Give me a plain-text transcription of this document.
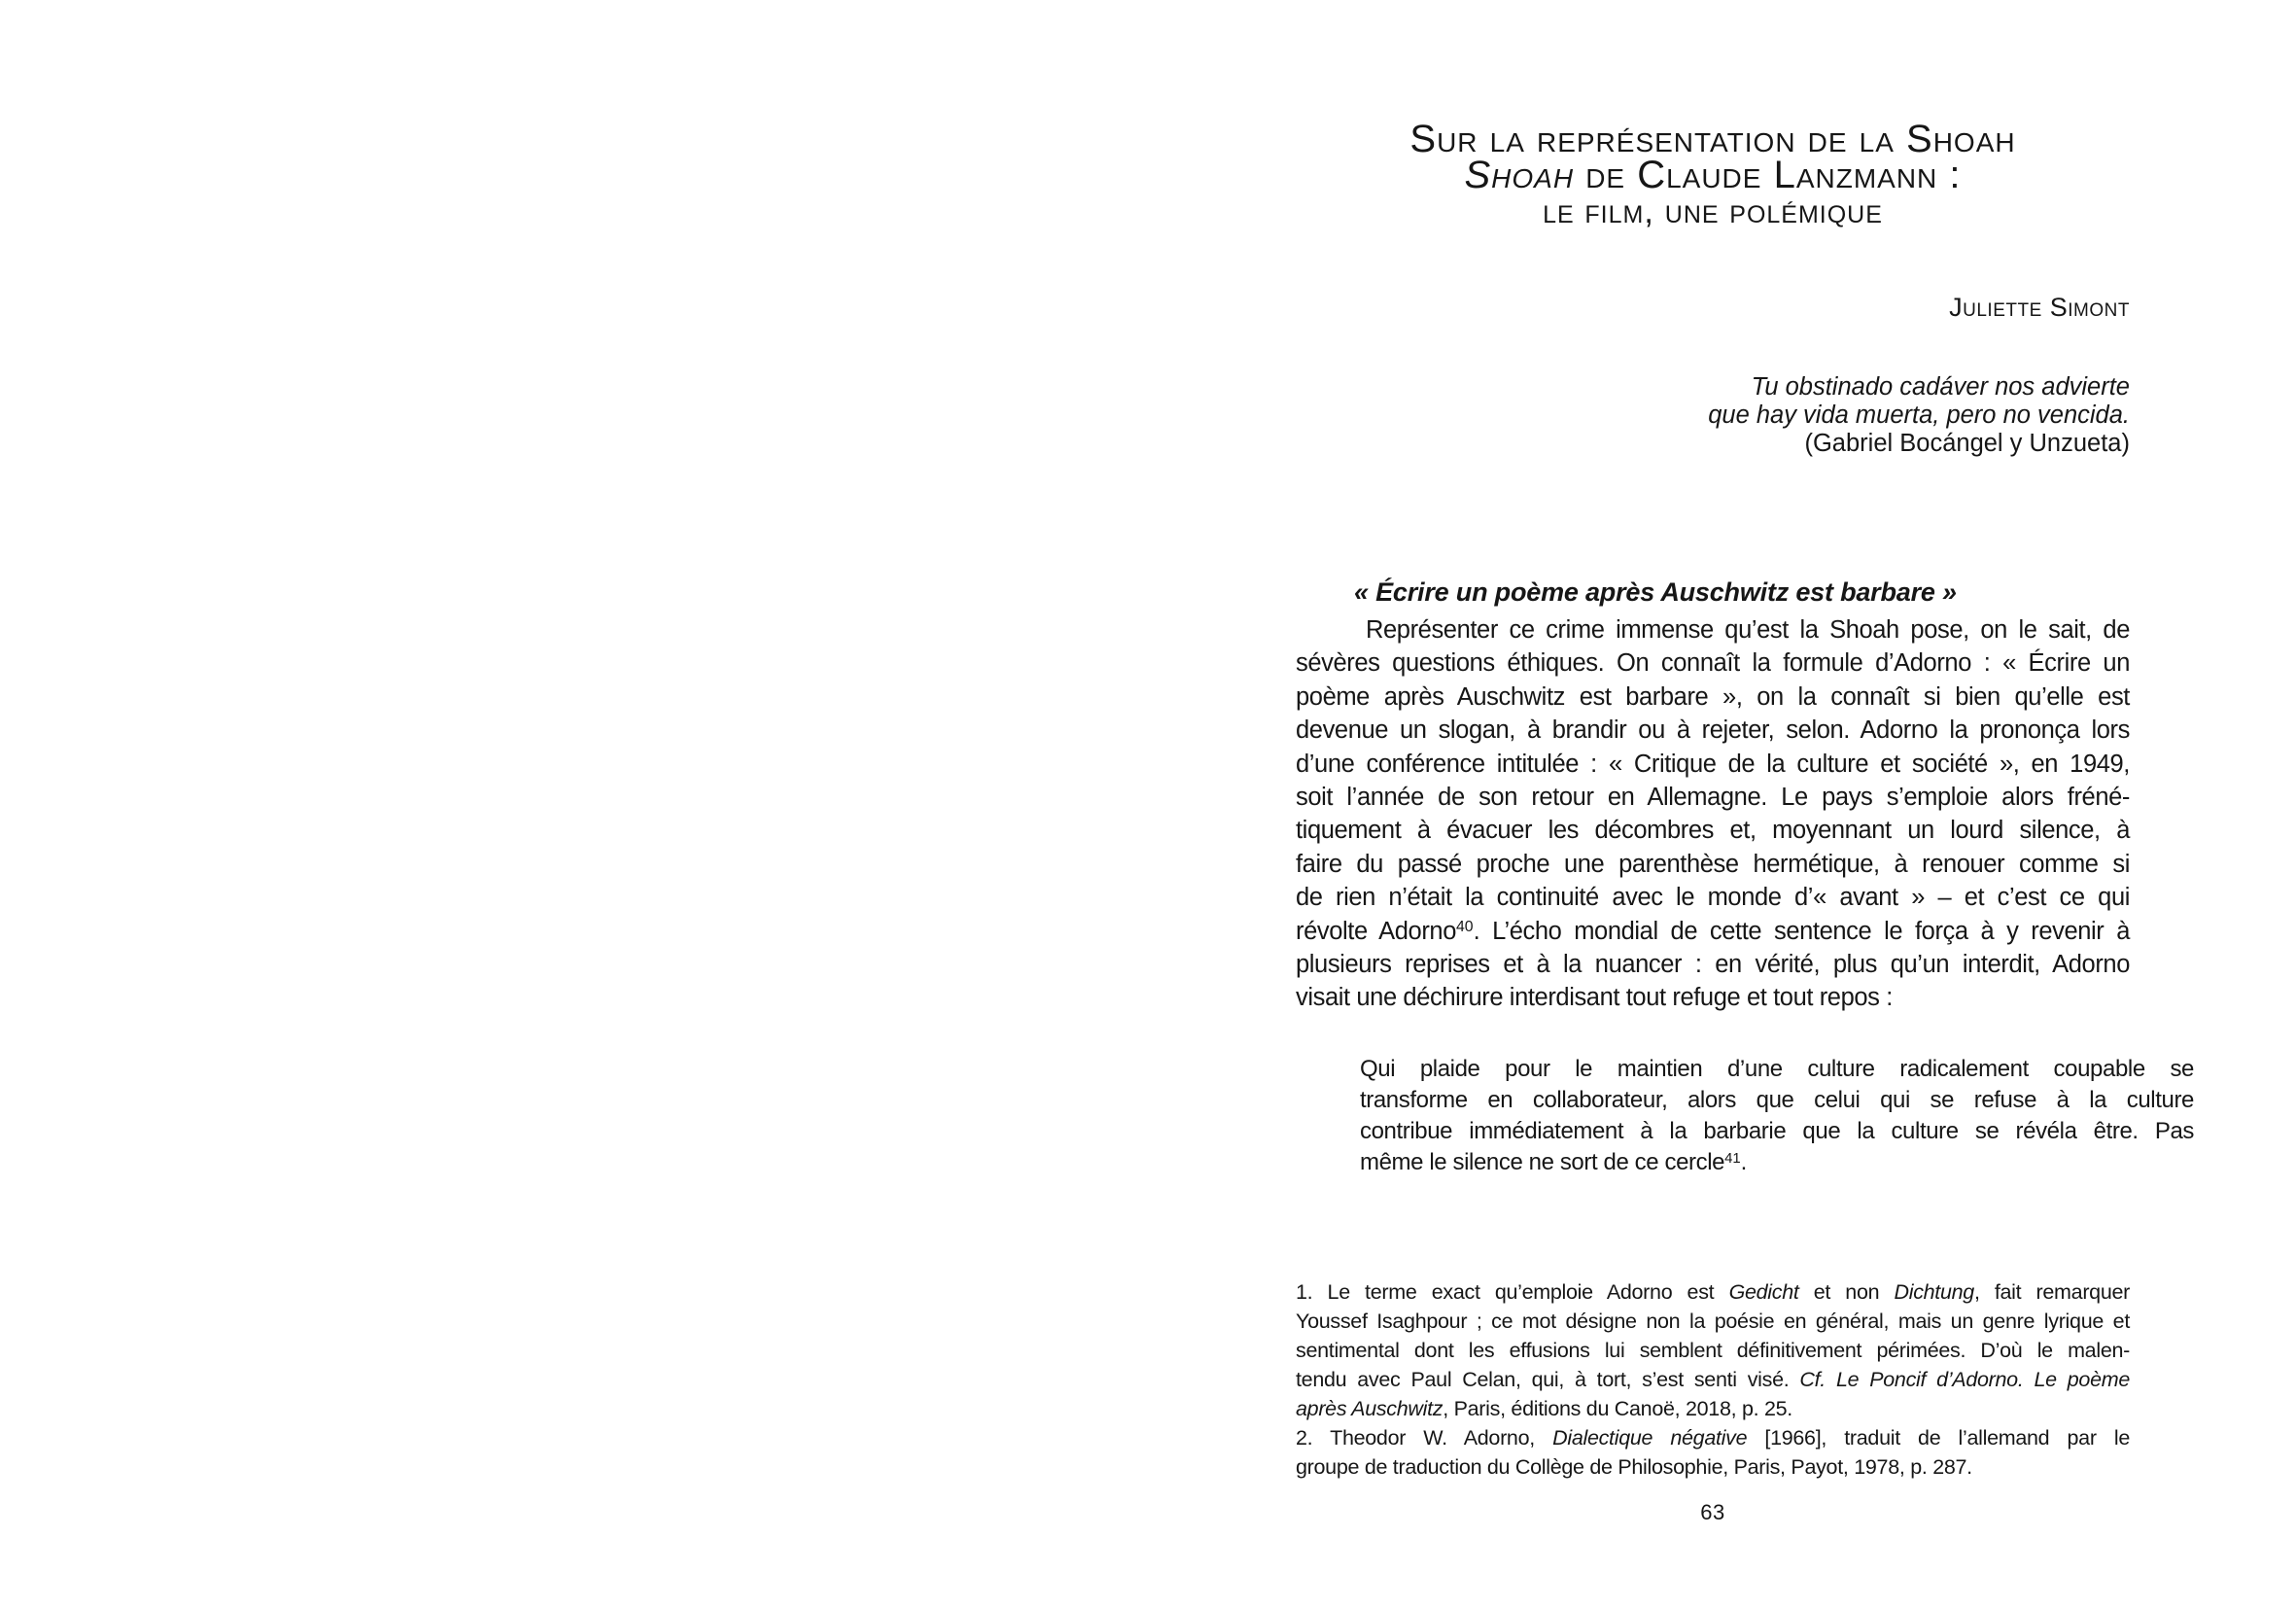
Sur la représentation de la Shoah
Shoah de Claude Lanzmann :
le film, une polémique
Juliette Simont
Tu obstinado cadáver nos advierte
que hay vida muerta, pero no vencida.
(Gabriel Bocángel y Unzueta)
« Écrire un poème après Auschwitz est barbare »
Représenter ce crime immense qu’est la Shoah pose, on le sait, de
sévères questions éthiques. On connaît la formule d’Adorno : « Écrire un
poème après Auschwitz est barbare », on la connaît si bien qu’elle est
devenue un slogan, à brandir ou à rejeter, selon. Adorno la prononça lors
d’une conférence intitulée : « Critique de la culture et société », en 1949,
soit l’année de son retour en Allemagne. Le pays s’emploie alors fréné-
tiquement à évacuer les décombres et, moyennant un lourd silence, à
faire du passé proche une parenthèse hermétique, à renouer comme si
de rien n’était la continuité avec le monde d’« avant » – et c’est ce qui
révolte Adorno$^{40}$. L’écho mondial de cette sentence le força à y revenir à
plusieurs reprises et à la nuancer : en vérité, plus qu’un interdit, Adorno
visait une déchirure interdisant tout refuge et tout repos :
Qui plaide pour le maintien d’une culture radicalement coupable se
transforme en collaborateur, alors que celui qui se refuse à la culture
contribue immédiatement à la barbarie que la culture se révéla être. Pas
même le silence ne sort de ce cercle$^{41}$.
1. Le terme exact qu’emploie Adorno est Gedicht et non Dichtung, fait remarquer
Youssef Isaghpour ; ce mot désigne non la poésie en général, mais un genre lyrique et
sentimental dont les effusions lui semblent définitivement périmées. D’où le malen-
tendu avec Paul Celan, qui, à tort, s’est senti visé. Cf. Le Poncif d’Adorno. Le poème
après Auschwitz, Paris, éditions du Canoë, 2018, p. 25.
2. Theodor W. Adorno, Dialectique négative [1966], traduit de l’allemand par le
groupe de traduction du Collège de Philosophie, Paris, Payot, 1978, p. 287.
63
